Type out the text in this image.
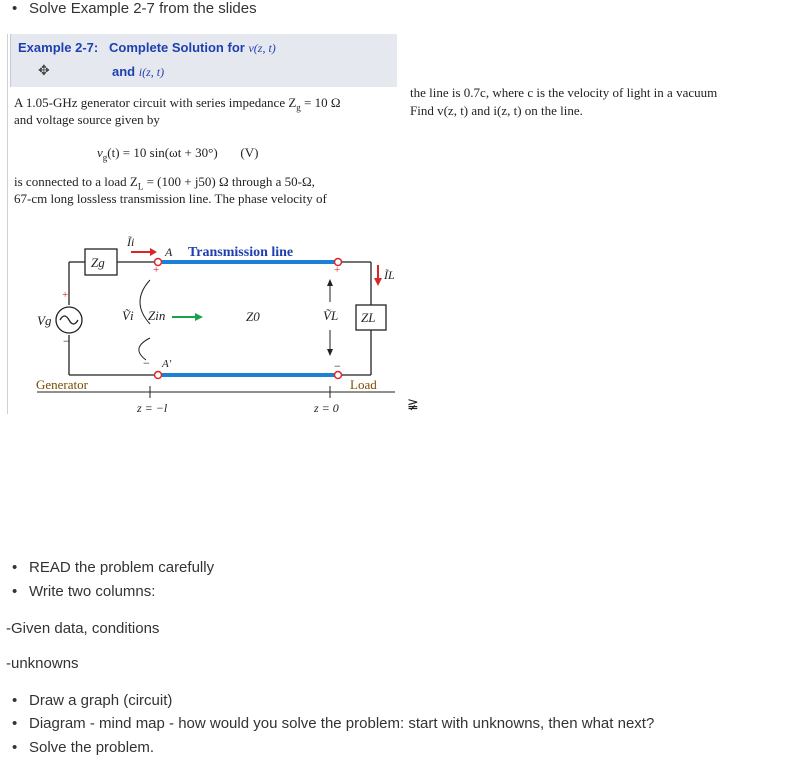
• Solve Example 2-7 from the slides
Example 2-7: Complete Solution for v(z, t)
and i(z, t)
✥
A 1.05-GHz generator circuit with series impedance $Z_g = 10$ Ω
and voltage source given by
$v_g(t) = 10$ sin(ωt + 30°) (V)
is connected to a load $Z_L = (100 + j50)$ Ω through a 50-Ω,
67-cm long lossless transmission line. The phase velocity of
the line is 0.7c, where c is the velocity of light in a vacuum
Find v(z, t) and i(z, t) on the line.
Zg
+
−
Vg
Ĩi
A
+
− A'
Transmission line
Ṽi Zin	Z0
+
−
ṼL ZL
ĨL
Generator	Load
z = −l	z = 0	≩
• READ the problem carefully
• Write two columns:
-Given data, conditions
-unknowns
• Draw a graph (circuit)
• Diagram - mind map - how would you solve the problem: start with unknowns, then what next?
• Solve the problem.
